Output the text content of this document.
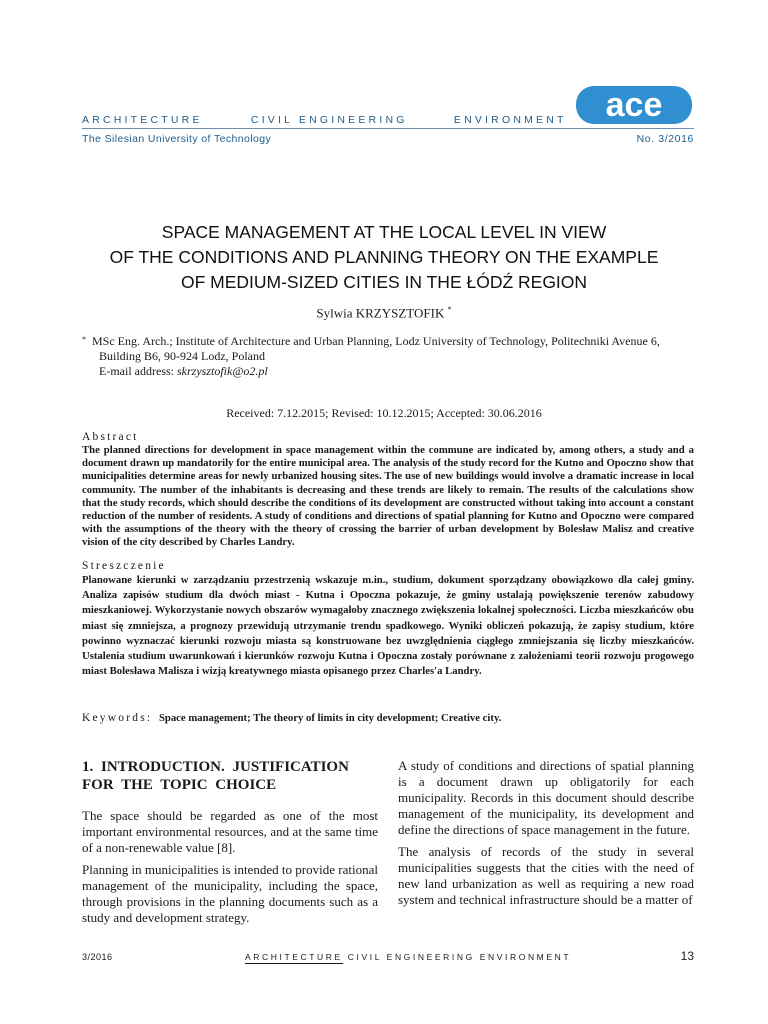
ARCHITECTURE	CIVIL ENGINEERING	ENVIRONMENT ace
The Silesian University of Technology	No. 3/2016
SPACE MANAGEMENT AT THE LOCAL LEVEL IN VIEW
OF THE CONDITIONS AND PLANNING THEORY ON THE EXAMPLE
OF MEDIUM-SIZED CITIES IN THE ŁÓDŹ REGION
Sylwia KRZYSZTOFIK *
* MSc Eng. Arch.; Institute of Architecture and Urban Planning, Lodz University of Technology, Politechniki Avenue 6,
Building B6, 90-924 Lodz, Poland
E-mail address: skrzysztofik@o2.pl
Received: 7.12.2015; Revised: 10.12.2015; Accepted: 30.06.2016
Abstract
The planned directions for development in space management within the commune are indicated by, among others, a study and a document drawn up mandatorily for the entire municipal area. The analysis of the study record for the Kutno and Opoczno show that municipalities determine areas for newly urbanized housing sites. The use of new buildings would involve a dramatic increase in local community. The number of the inhabitants is decreasing and these trends are likely to remain. The results of the calculations show that the study records, which should describe the conditions of its development are constructed without taking into account a constant reduction of the number of residents. A study of conditions and directions of spatial planning for Kutno and Opoczno were compared with the assumptions of the theory with the theory of crossing the barrier of urban development by Bolesław Malisz and creative vision of the city described by Charles Landry.
Streszczenie
Planowane kierunki w zarządzaniu przestrzenią wskazuje m.in., studium, dokument sporządzany obowiązkowo dla całej gminy. Analiza zapisów studium dla dwóch miast - Kutna i Opoczna pokazuje, że gminy ustalają powiększenie terenów zabudowy mieszkaniowej. Wykorzystanie nowych obszarów wymagałoby znacznego zwiększenia lokalnej społeczności. Liczba mieszkańców obu miast się zmniejsza, a prognozy przewidują utrzymanie trendu spadkowego. Wyniki obliczeń pokazują, że zapisy studium, które powinno wyznaczać kierunki rozwoju miasta są konstruowane bez uwzględnienia ciągłego zmniejszania się liczby mieszkańców. Ustalenia studium uwarunkowań i kierunków rozwoju Kutna i Opoczna zostały porównane z założeniami teorii rozwoju progowego miast Bolesława Malisza i wizją kreatywnego miasta opisanego przez Charles'a Landry.
Keywords: Space management; The theory of limits in city development; Creative city.
1. INTRODUCTION. JUSTIFICATION
FOR THE TOPIC CHOICE

The space should be regarded as one of the most important environmental resources, and at the same time of a non-renewable value [8].

Planning in municipalities is intended to provide rational management of the municipality, including the space, through provisions in the planning documents such as a study and development strategy.

A study of conditions and directions of spatial planning is a document drawn up obligatorily for each municipality. Records in this document should describe management of the municipality, its development and define the directions of space management in the future.

The analysis of records of the study in several municipalities suggests that the cities with the need of new land urbanization as well as requiring a new road system and technical infrastructure should be a matter of

3/2016	ARCHITECTURE CIVIL ENGINEERING ENVIRONMENT	13
